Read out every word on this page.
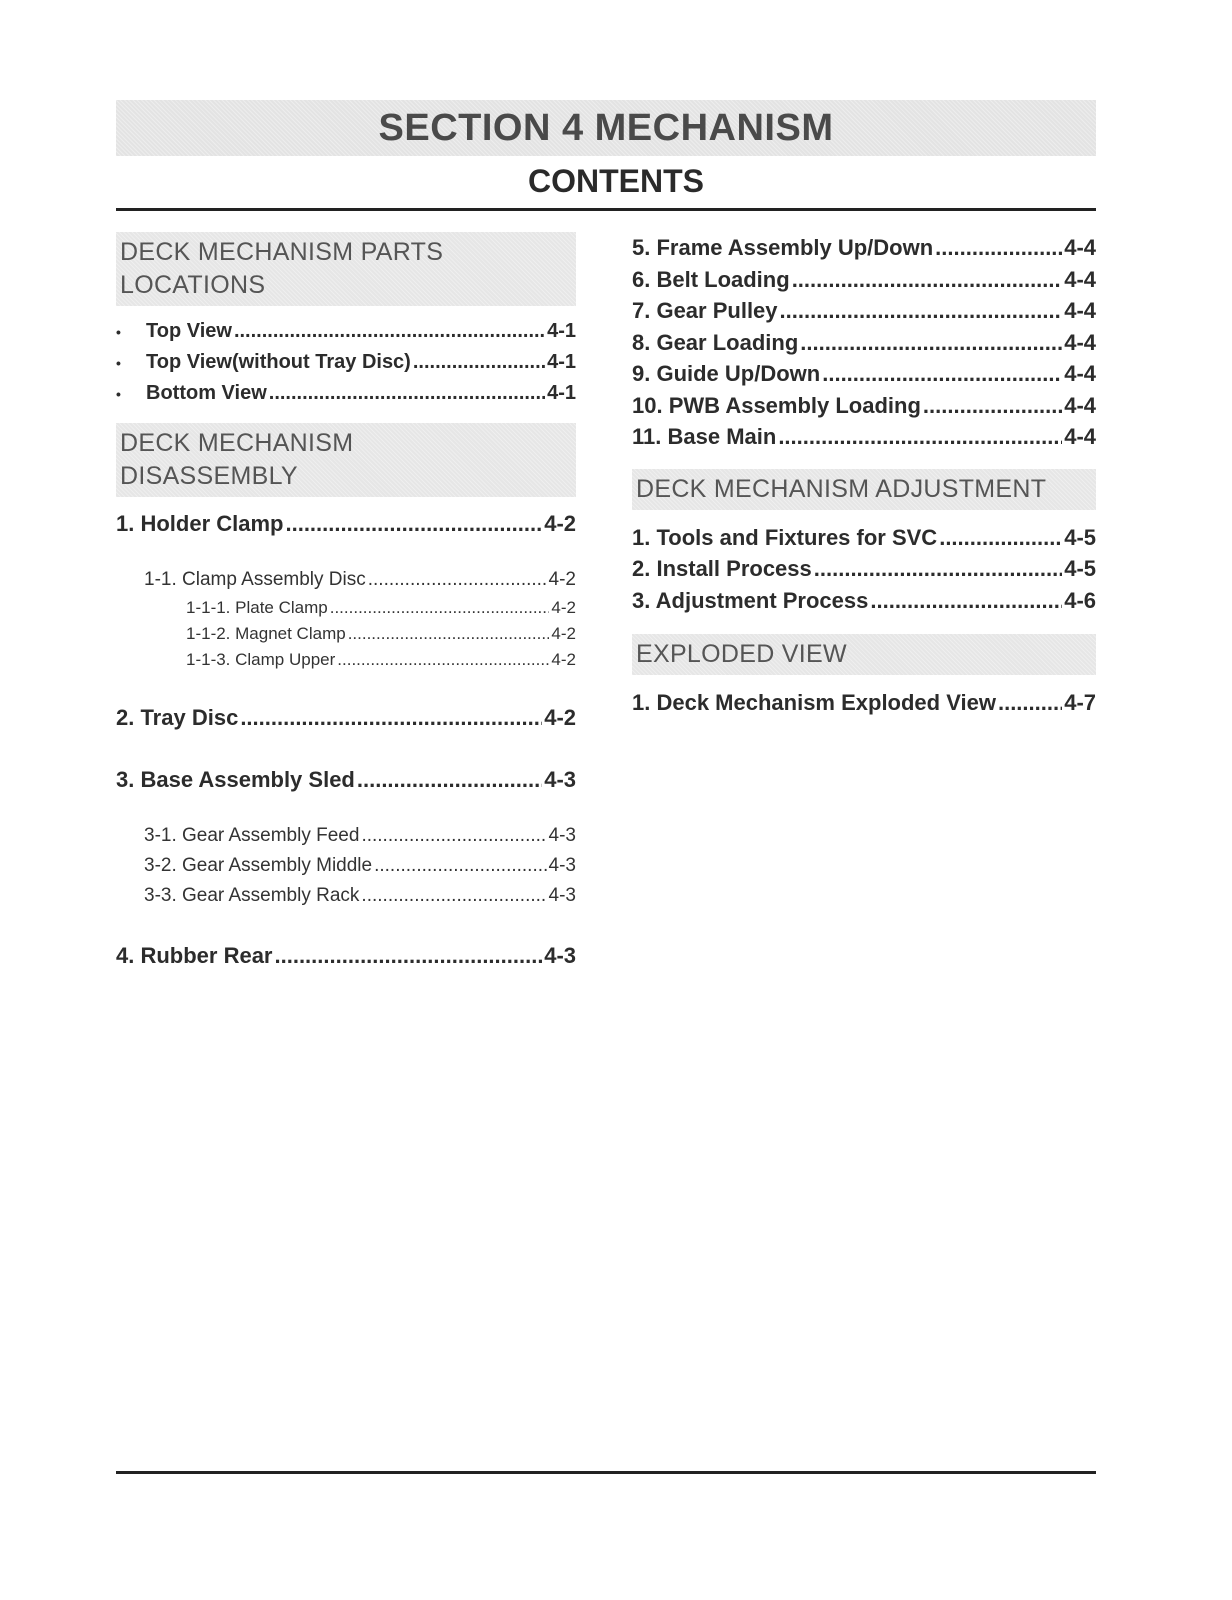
SECTION 4 MECHANISM
CONTENTS
DECK MECHANISM PARTS
LOCATIONS
•	Top View .....	4-1
•	Top View(without Tray Disc) .....	4-1
•	Bottom View .....	4-1
DECK MECHANISM
DISASSEMBLY
1. Holder Clamp .....	4-2
1-1. Clamp Assembly Disc .....	4-2
1-1-1. Plate Clamp .....	4-2
1-1-2. Magnet Clamp .....	4-2
1-1-3. Clamp Upper .....	4-2
2. Tray Disc .....	4-2
3. Base Assembly Sled .....	4-3
3-1. Gear Assembly Feed .....	4-3
3-2. Gear Assembly Middle .....	4-3
3-3. Gear Assembly Rack .....	4-3
4. Rubber Rear .....	4-3
5. Frame Assembly Up/Down .....	4-4
6. Belt Loading .....	4-4
7. Gear Pulley .....	4-4
8. Gear Loading .....	4-4
9. Guide Up/Down .....	4-4
10. PWB Assembly Loading .....	4-4
11. Base Main .....	4-4
DECK MECHANISM ADJUSTMENT
1. Tools and Fixtures for SVC .....	4-5
2. Install Process .....	4-5
3. Adjustment Process .....	4-6
EXPLODED VIEW
1. Deck Mechanism Exploded View .....	4-7
